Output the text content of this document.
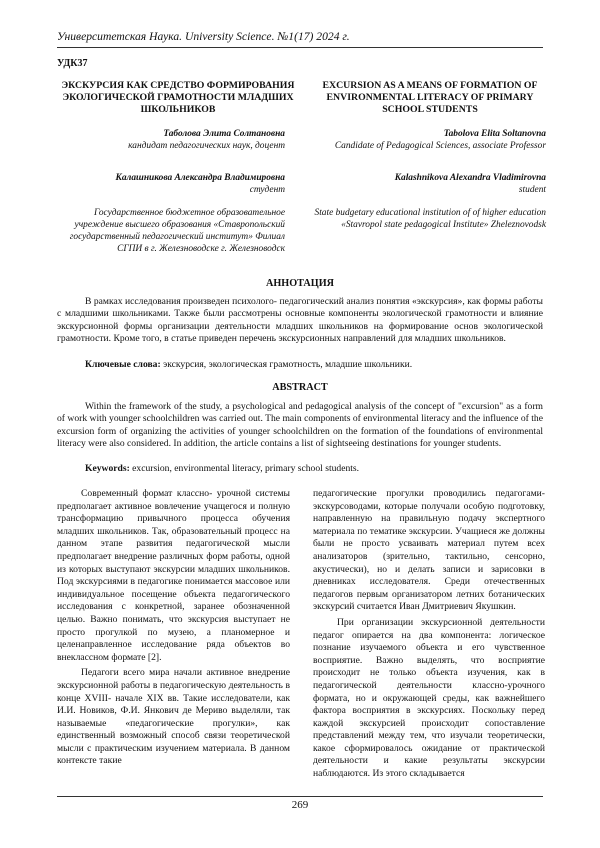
Университетская Наука. University Science. №1(17) 2024 г.
УДК37
ЭКСКУРСИЯ КАК СРЕДСТВО ФОРМИРОВАНИЯ ЭКОЛОГИЧЕСКОЙ ГРАМОТНОСТИ МЛАДШИХ ШКОЛЬНИКОВ
EXCURSION AS A MEANS OF FORMATION OF ENVIRONMENTAL LITERACY OF PRIMARY SCHOOL STUDENTS
Таболова Элита Солтановна
кандидат педагогических наук, доцент
Калашникова Александра Владимировна
студент
Государственное бюджетное образовательное учреждение высшего образования «Ставропольский государственный педагогический институт» Филиал СГПИ в г. Железноводске г. Железноводск
Tabolova Elita Soltanovna
Candidate of Pedagogical Sciences, associate Professor
Kalashnikova Alexandra Vladimirovna
student
State budgetary educational institution of of higher education «Stavropol state pedagogical Institute» Zheleznovodsk
АННОТАЦИЯ
В рамках исследования произведен психолого- педагогический анализ понятия «экскурсия», как формы работы с младшими школьниками. Также были рассмотрены основные компоненты экологической грамотности и влияние экскурсионной формы организации деятельности младших школьников на формирование основ экологической грамотности. Кроме того, в статье приведен перечень экскурсионных направлений для младших школьников.
Ключевые слова: экскурсия, экологическая грамотность, младшие школьники.
ABSTRACT
Within the framework of the study, a psychological and pedagogical analysis of the concept of "excursion" as a form of work with younger schoolchildren was carried out. The main components of environmental literacy and the influence of the excursion form of organizing the activities of younger schoolchildren on the formation of the foundations of environmental literacy were also considered. In addition, the article contains a list of sightseeing destinations for younger students.
Keywords: excursion, environmental literacy, primary school students.

Современный формат классно- урочной системы предполагает активное вовлечение учащегося и полную трансформацию привычного процесса обучения младших школьников. Так, образовательный процесс на данном этапе развития педагогической мысли предполагает внедрение различных форм работы, одной из которых выступают экскурсии младших школьников. Под экскурсиями в педагогике понимается массовое или индивидуальное посещение объекта педагогического исследования с конкретной, заранее обозначенной целью. Важно понимать, что экскурсия выступает не просто прогулкой по музею, а планомерное и целенаправленное исследование ряда объектов во внеклассном формате [2].

Педагоги всего мира начали активное внедрение экскурсионной работы в педагогическую деятельность в конце XVIII- начале XIX вв. Такие исследователи, как И.И. Новиков, Ф.И. Янкович де Мериво выделяли, так называемые «педагогические прогулки», как единственный возможный способ связи теоретической мысли с практическим изучением материала. В данном контексте такие

педагогические прогулки проводились педагогами- экскурсоводами, которые получали особую подготовку, направленную на правильную подачу экспертного материала по тематике экскурсии. Учащиеся же должны были не просто усваивать материал путем всех анализаторов (зрительно, тактильно, сенсорно, акустически), но и делать записи и зарисовки в дневниках исследователя. Среди отечественных педагогов первым организатором летних ботанических экскурсий считается Иван Дмитриевич Якушкин.

При организации экскурсионной деятельности педагог опирается на два компонента: логическое познание изучаемого объекта и его чувственное восприятие. Важно выделять, что восприятие происходит не только объекта изучения, как в педагогической деятельности классно-урочного формата, но и окружающей среды, как важнейшего фактора восприятия в экскурсиях. Поскольку перед каждой экскурсией происходит сопоставление представлений между тем, что изучали теоретически, какое сформировалось ожидание от практической деятельности и какие результаты экскурсии наблюдаются. Из этого складывается

269
